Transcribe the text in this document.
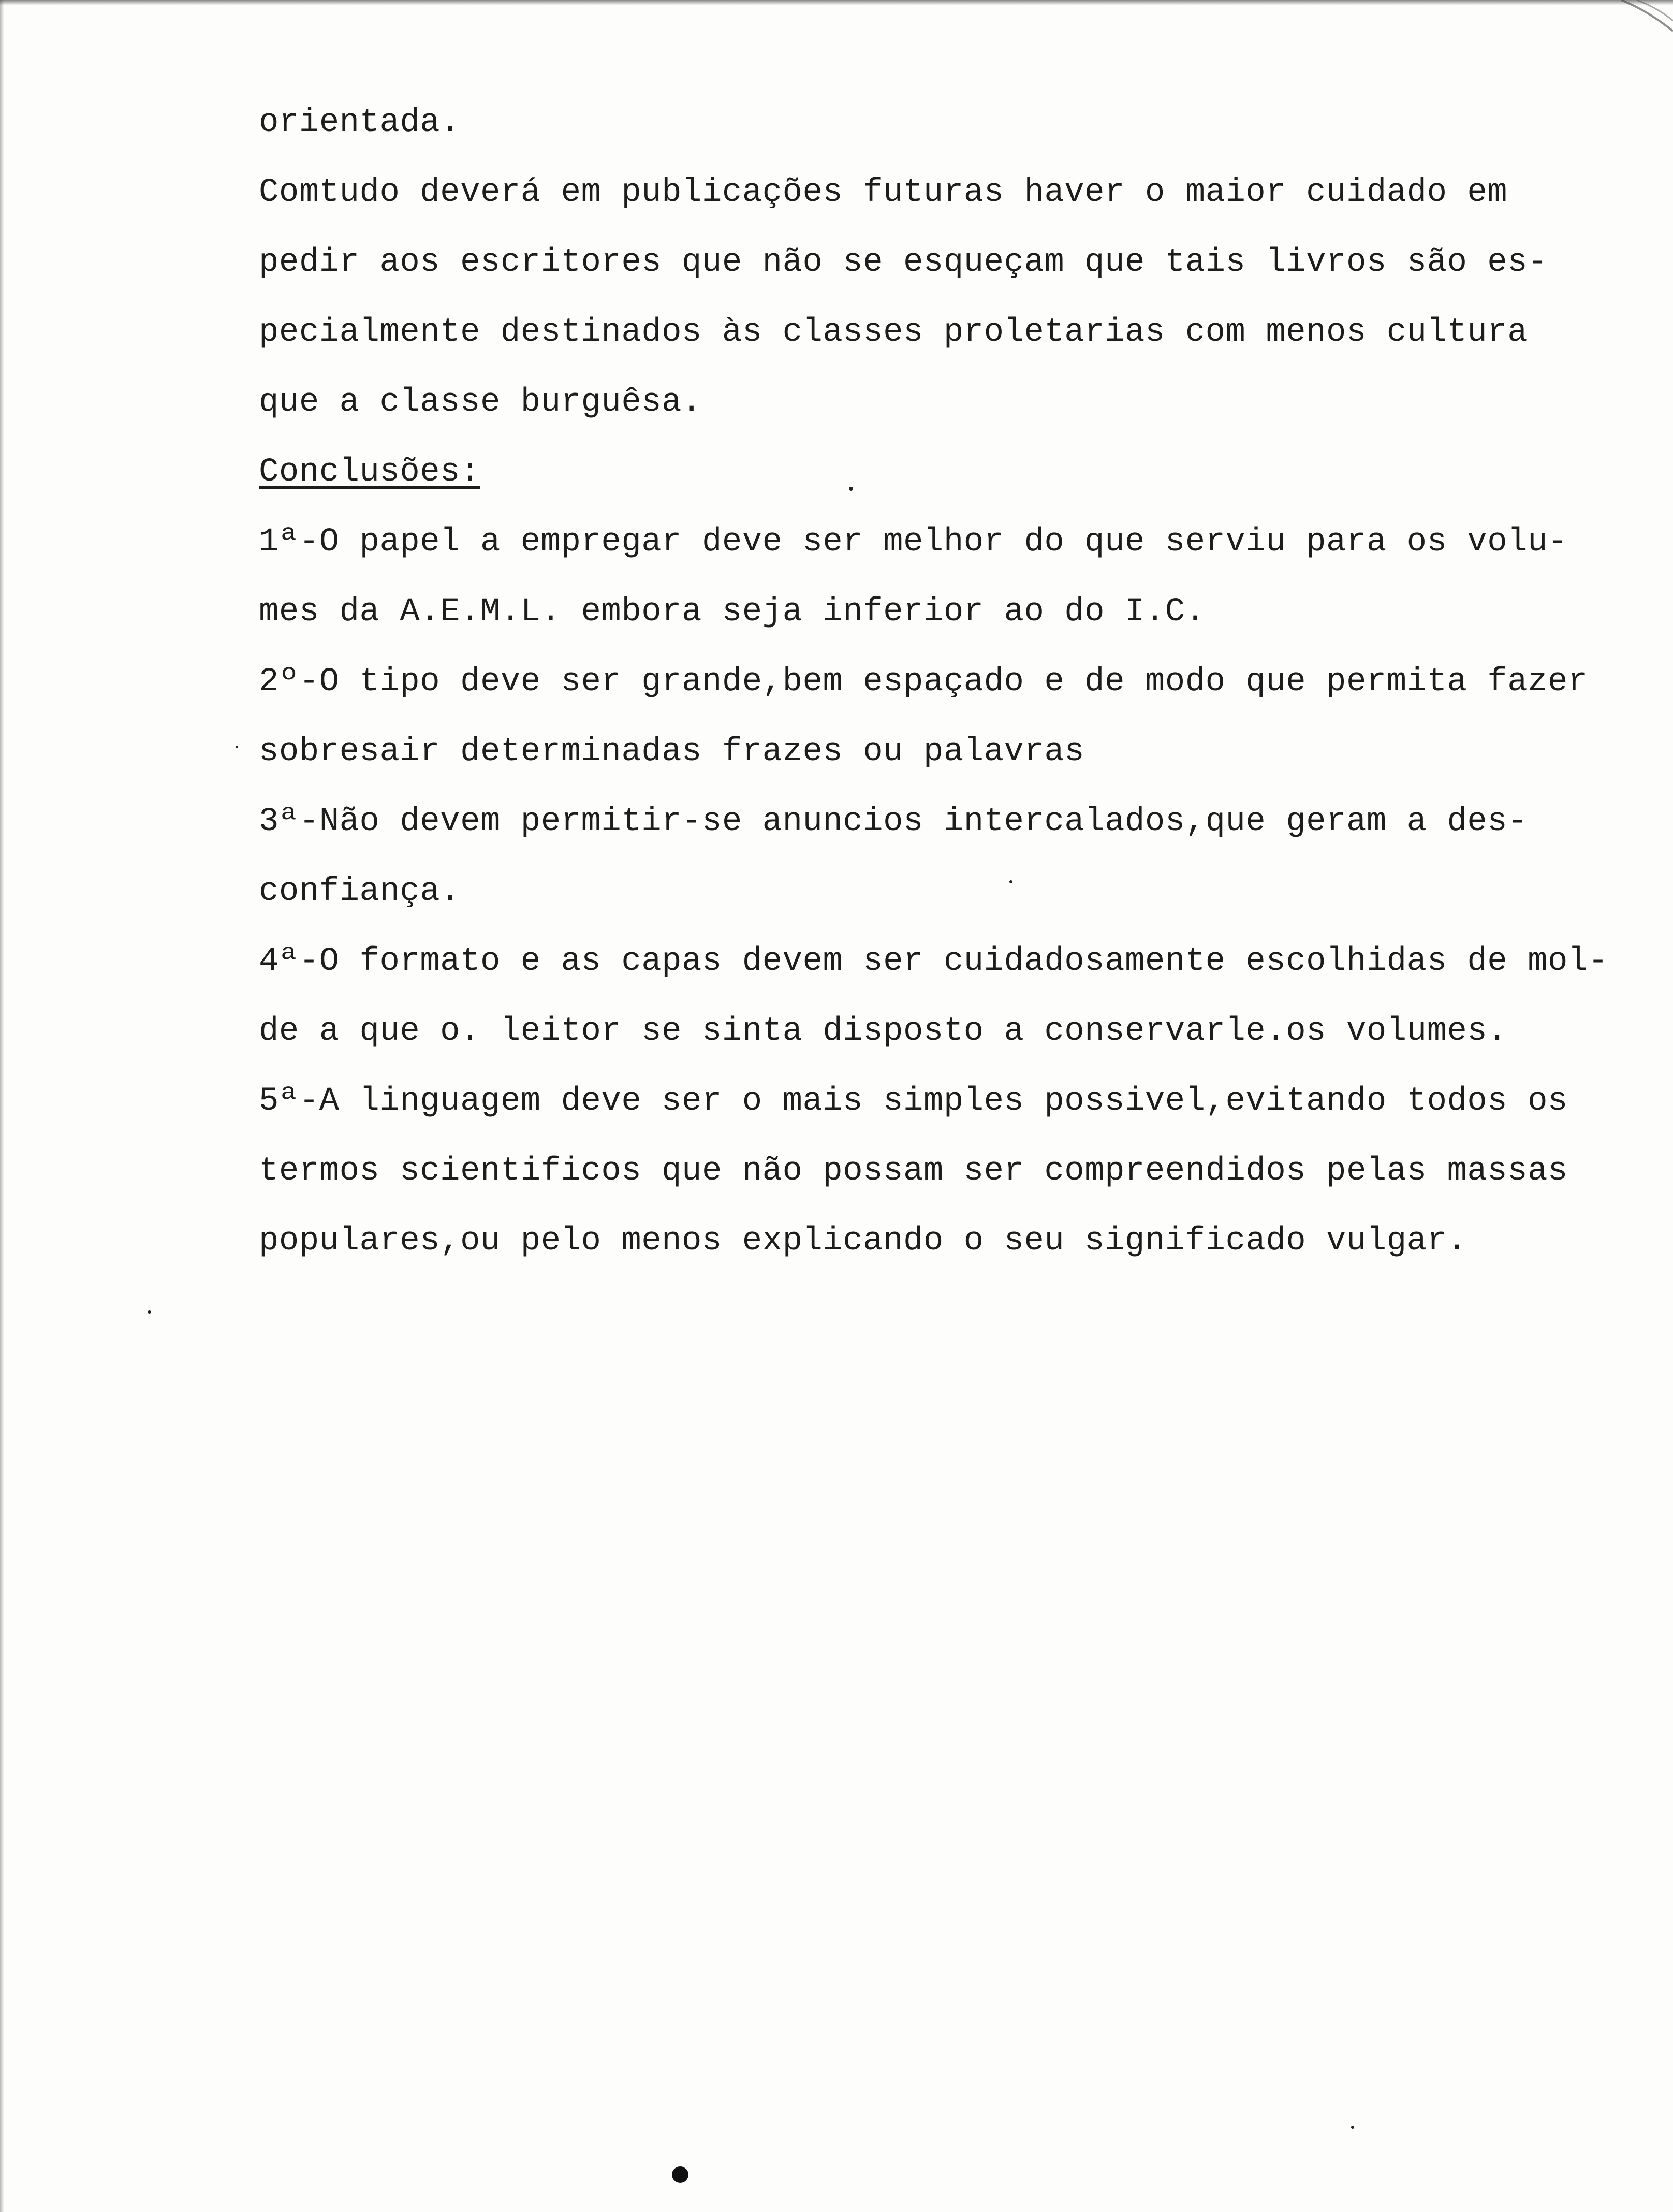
orientada.
Comtudo deverá em publicações futuras haver o maior cuidado em
pedir aos escritores que não se esqueçam que tais livros são es-
pecialmente destinados às classes proletarias com menos cultura
que a classe burguêsa.
Conclusões:
1ª-O papel a empregar deve ser melhor do que serviu para os volu-
mes da A.E.M.L. embora seja inferior ao do I.C.
2º-O tipo deve ser grande,bem espaçado e de modo que permita fazer
sobresair determinadas frazes ou palavras
3ª-Não devem permitir-se anuncios intercalados,que geram a des-
confiança.
4ª-O formato e as capas devem ser cuidadosamente escolhidas de mol-
de a que o. leitor se sinta disposto a conservarle.os volumes.
5ª-A linguagem deve ser o mais simples possivel,evitando todos os
termos scientificos que não possam ser compreendidos pelas massas
populares,ou pelo menos explicando o seu significado vulgar.
